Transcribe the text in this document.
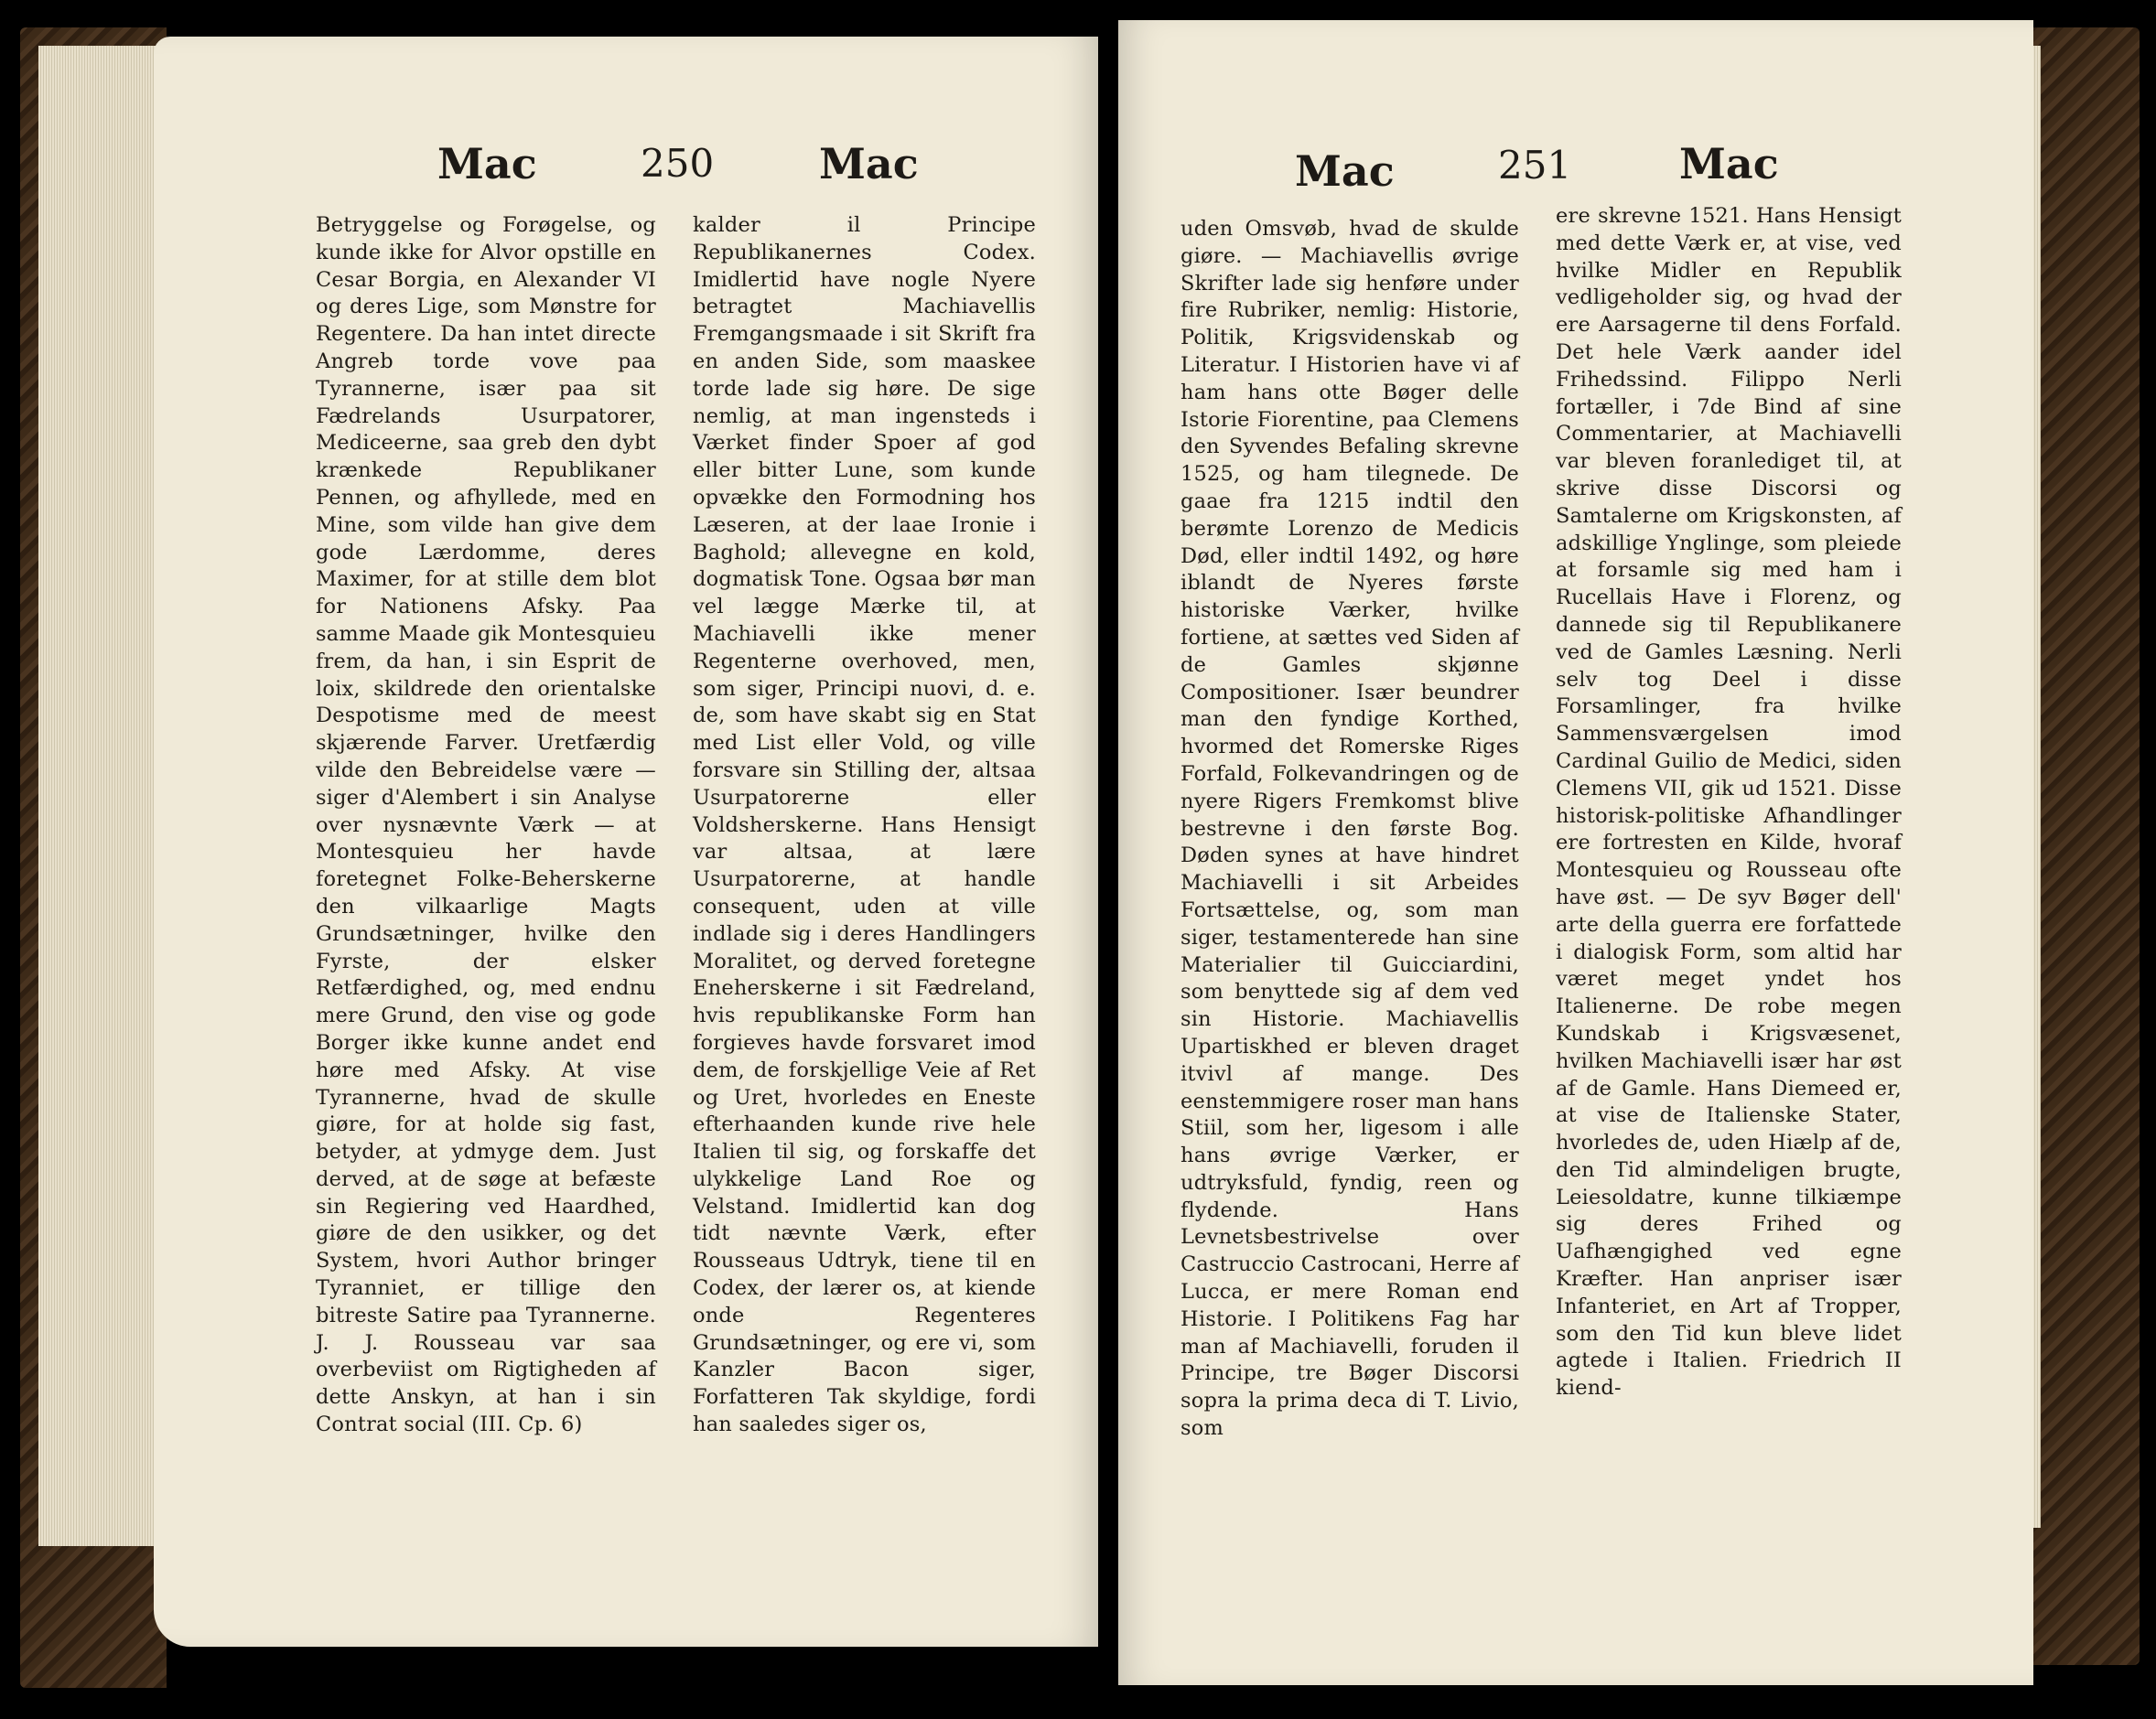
Mac	250 Mac
Betryggelse og Forøgelse, og kunde ikke for Alvor opstille en Cesar Borgia, en Alexander VI og deres Lige, som Mønstre for Regentere. Da han intet directe Angreb torde vove paa Tyrannerne, især paa sit Fædrelands Usurpatorer, Mediceerne, saa greb den dybt krænkede Republikaner Pennen, og afhyllede, med en Mine, som vilde han give dem gode Lærdomme, deres Maximer, for at stille dem blot for Nationens Afsky. Paa samme Maade gik Montesquieu frem, da han, i sin Esprit de loix, skildrede den orientalske Despotisme med de meest skjærende Farver. Uretfærdig vilde den Bebreidelse være — siger d'Alembert i sin Analyse over nysnævnte Værk — at Montesquieu her havde foretegnet Folke-Beherskerne den vilkaarlige Magts Grundsætninger, hvilke den Fyrste, der elsker Retfærdighed, og, med endnu mere Grund, den vise og gode Borger ikke kunne andet end høre med Afsky. At vise Tyrannerne, hvad de skulle giøre, for at holde sig fast, betyder, at ydmyge dem. Just derved, at de søge at befæste sin Regiering ved Haardhed, giøre de den usikker, og det System, hvori Author bringer Tyranniet, er tillige den bitreste Satire paa Tyrannerne. J. J. Rousseau var saa overbeviist om Rigtigheden af dette Anskyn, at han i sin Contrat social (III. Cp. 6)
kalder il Principe Republikanernes Codex. Imidlertid have nogle Nyere betragtet Machiavellis Fremgangsmaade i sit Skrift fra en anden Side, som maaskee torde lade sig høre. De sige nemlig, at man ingensteds i Værket finder Spoer af god eller bitter Lune, som kunde opvække den Formodning hos Læseren, at der laae Ironie i Baghold; allevegne en kold, dogmatisk Tone. Ogsaa bør man vel lægge Mærke til, at Machiavelli ikke mener Regenterne overhoved, men, som siger, Principi nuovi, d. e. de, som have skabt sig en Stat med List eller Vold, og ville forsvare sin Stilling der, altsaa Usurpatorerne eller Voldsherskerne. Hans Hensigt var altsaa, at lære Usurpatorerne, at handle consequent, uden at ville indlade sig i deres Handlingers Moralitet, og derved foretegne Eneherskerne i sit Fædreland, hvis republikanske Form han forgieves havde forsvaret imod dem, de forskjellige Veie af Ret og Uret, hvorledes en Eneste efterhaanden kunde rive hele Italien til sig, og forskaffe det ulykkelige Land Roe og Velstand. Imidlertid kan dog tidt nævnte Værk, efter Rousseaus Udtryk, tiene til en Codex, der lærer os, at kiende onde Regenteres Grundsætninger, og ere vi, som Kanzler Bacon siger, Forfatteren Tak skyldige, fordi han saaledes siger os,
Mac	251	Mac
uden Omsvøb, hvad de skulde giøre. — Machiavellis øvrige Skrifter lade sig henføre under fire Rubriker, nemlig: Historie, Politik, Krigsvidenskab og Literatur. I Historien have vi af ham hans otte Bøger delle Istorie Fiorentine, paa Clemens den Syvendes Befaling skrevne 1525, og ham tilegnede. De gaae fra 1215 indtil den berømte Lorenzo de Medicis Død, eller indtil 1492, og høre iblandt de Nyeres første historiske Værker, hvilke fortiene, at sættes ved Siden af de Gamles skjønne Compositioner. Især beundrer man den fyndige Korthed, hvormed det Romerske Riges Forfald, Folkevandringen og de nyere Rigers Fremkomst blive bestrevne i den første Bog. Døden synes at have hindret Machiavelli i sit Arbeides Fortsættelse, og, som man siger, testamenterede han sine Materialier til Guicciardini, som benyttede sig af dem ved sin Historie. Machiavellis Upartiskhed er bleven draget itvivl af mange. Des eenstemmigere roser man hans Stiil, som her, ligesom i alle hans øvrige Værker, er udtryksfuld, fyndig, reen og flydende. Hans Levnetsbestrivelse over Castruccio Castrocani, Herre af Lucca, er mere Roman end Historie. I Politikens Fag har man af Machiavelli, foruden il Principe, tre Bøger Discorsi sopra la prima deca di T. Livio, som
ere skrevne 1521. Hans Hensigt med dette Værk er, at vise, ved hvilke Midler en Republik vedligeholder sig, og hvad der ere Aarsagerne til dens Forfald. Det hele Værk aander idel Frihedssind. Filippo Nerli fortæller, i 7de Bind af sine Commentarier, at Machiavelli var bleven foranlediget til, at skrive disse Discorsi og Samtalerne om Krigskonsten, af adskillige Ynglinge, som pleiede at forsamle sig med ham i Rucellais Have i Florenz, og dannede sig til Republikanere ved de Gamles Læsning. Nerli selv tog Deel i disse Forsamlinger, fra hvilke Sammensværgelsen imod Cardinal Guilio de Medici, siden Clemens VII, gik ud 1521. Disse historisk-politiske Afhandlinger ere fortresten en Kilde, hvoraf Montesquieu og Rousseau ofte have øst. — De syv Bøger dell' arte della guerra ere forfattede i dialogisk Form, som altid har været meget yndet hos Italienerne. De robe megen Kundskab i Krigsvæsenet, hvilken Machiavelli især har øst af de Gamle. Hans Diemeed er, at vise de Italienske Stater, hvorledes de, uden Hiælp af de, den Tid almindeligen brugte, Leiesoldatre, kunne tilkiæmpe sig deres Frihed og Uafhængighed ved egne Kræfter. Han anpriser især Infanteriet, en Art af Tropper, som den Tid kun bleve lidet agtede i Italien. Friedrich II kiend-
